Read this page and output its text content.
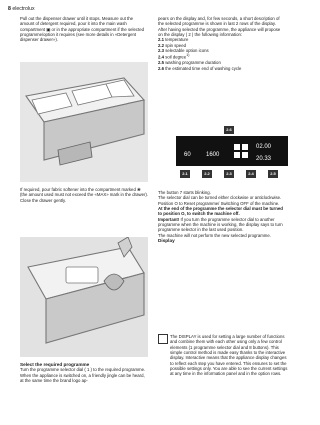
8 electrolux

Pull out the dispenser drawer until it stops. Measure out the amount of detergent required, pour it into the main wash compartment ▣ or in the appropriate compartment if the selected programme/option it requires (see more details in «Detergent dispenser drawer»).

If required, pour fabric softener into the compartment marked ❀ (the amount used must not exceed the «MAX» mark in the drawer). Close the drawer gently.

Select the required programme

Turn the programme selector dial ( 1 ) to the required programme. When the appliance is switched on, a friendly jingle can be heard, at the same time the brand logo ap-

pears on the display and, for few seconds, a short description of the selected programme is shown in last 2 rows of the display.

After having selected the programme, the appliance will propose on the display ( 2 ) the following information:

2.1 temperature

2.2 spin speed

2.3 selectable option icons

2.4 soil degree$^{1)}$

2.5 washing programme duration

2.6 the estimated time end of washing cycle

2.6
60	1600
02.00
20.33
2.1	2.2	2.3	2.4	2.5

The button 7 starts blinking.

The selector dial can be turned either clockwise or anticlockwise. Position O to Reset programme/ Switching OFF of the machine.

At the end of the programme the selector dial must be turned to position O, to switch the machine off.

Important! If you turn the programme selector dial to another programme when the machine is working, the display says to turn programme selector in the last used position.

The machine will not perform the new selected programme.

Display

The DISPLAY is used for setting a large number of functions and combine them with each other using only a few control elements (1 programme selector dial and 8 buttons). This simple control method is made easy thanks to the interactive display. Interactive means that the appliance display changes to reflect each step you have entered. This ensures to set the possible settings only. You are able to see the current settings at any time in the information panel and in the option rows.
